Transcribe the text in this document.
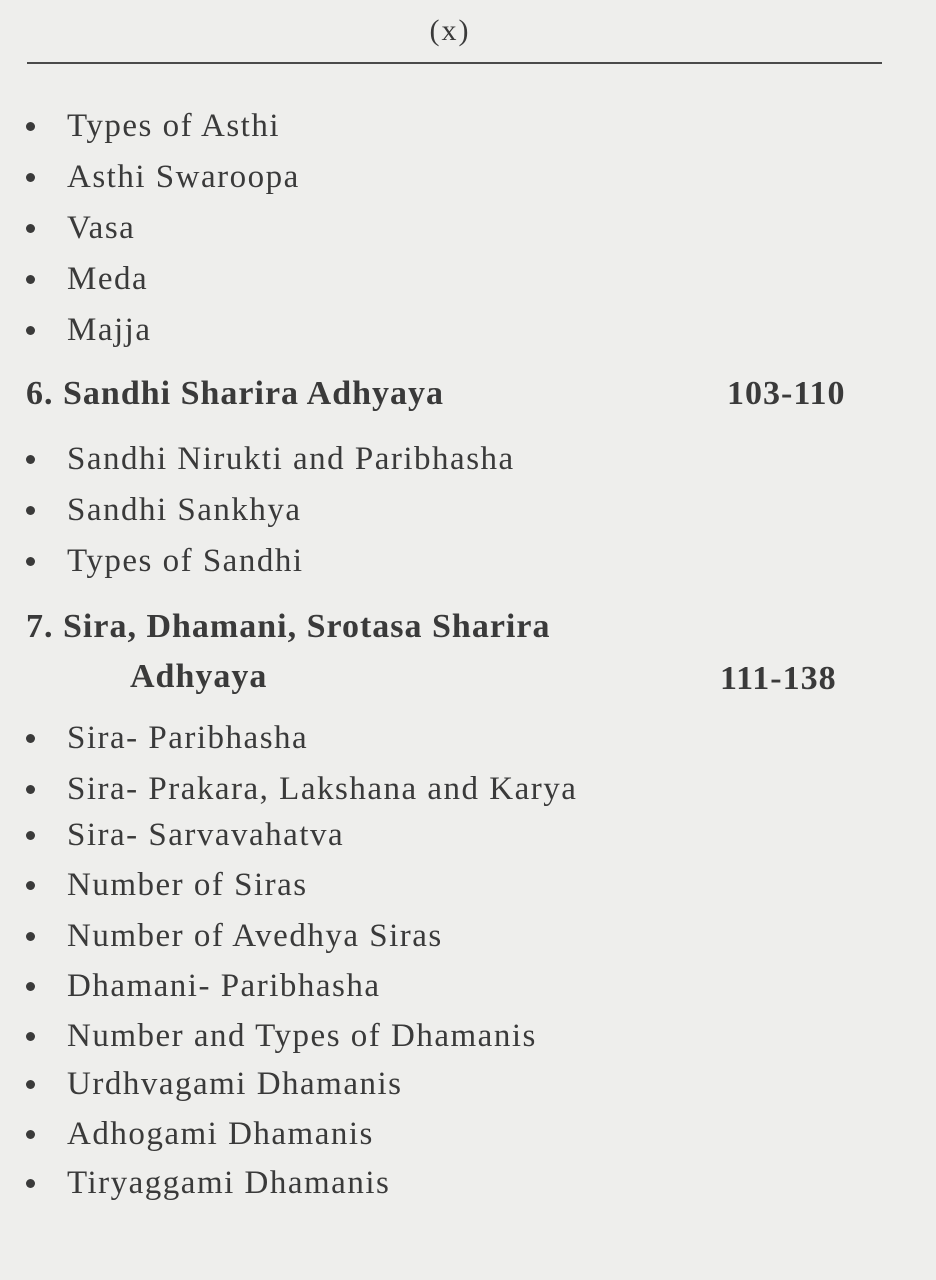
(x)
Types of Asthi
Asthi Swaroopa
Vasa
Meda
Majja
6. Sandhi Sharira Adhyaya	103-110
Sandhi Nirukti and Paribhasha
Sandhi Sankhya
Types of Sandhi
7. Sira, Dhamani, Srotasa Sharira
Adhyaya	111-138
Sira- Paribhasha
Sira- Prakara, Lakshana and Karya
Sira- Sarvavahatva
Number of Siras
Number of Avedhya Siras
Dhamani- Paribhasha
Number and Types of Dhamanis
Urdhvagami Dhamanis
Adhogami Dhamanis
Tiryaggami Dhamanis
